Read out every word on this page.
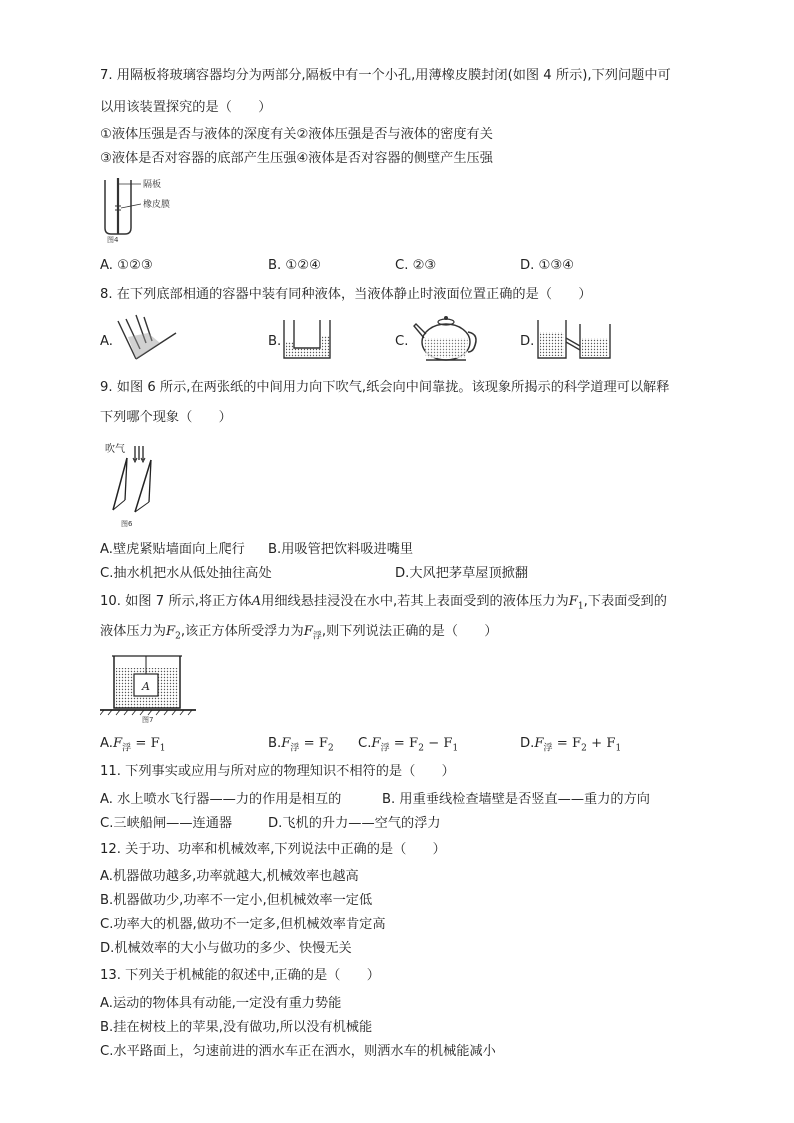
7. 用隔板将玻璃容器均分为两部分,隔板中有一个小孔,用薄橡皮膜封闭(如图 4 所示),下列问题中可
以用该装置探究的是（　　）
①液体压强是否与液体的深度有关②液体压强是否与液体的密度有关
③液体是否对容器的底部产生压强④液体是否对容器的侧壁产生压强
隔板
橡皮膜
图4
A. ①②③	B. ①②④	C. ②③	D. ①③④
8. 在下列底部相通的容器中装有同种液体，当液体静止时液面位置正确的是（　　）
A.	B.	C.	D.
9. 如图 6 所示,在两张纸的中间用力向下吹气,纸会向中间靠拢。该现象所揭示的科学道理可以解释
下列哪个现象（　　）
吹气
图6
A.壁虎紧贴墙面向上爬行 B.用吸管把饮料吸进嘴里
C.抽水机把水从低处抽往高处	D.大风把茅草屋顶掀翻
10. 如图 7 所示,将正方体A用细线悬挂浸没在水中,若其上表面受到的液体压力为$F_1$,下表面受到的
液体压力为$F_2$,该正方体所受浮力为$F_浮$,则下列说法正确的是（　　）
A
图7
$A.F_浮 = F_1$	$B.F_浮 = F_2$ $C.F_浮 = F_2 - F_1$	$D.F_浮 = F_2 + F_1$
11. 下列事实或应用与所对应的物理知识不相符的是（　　）
A. 水上喷水飞行器——力的作用是相互的	B. 用重垂线检查墙壁是否竖直——重力的方向
C.三峡船闸——连通器	D.飞机的升力——空气的浮力
12. 关于功、功率和机械效率,下列说法中正确的是（　　）
A.机器做功越多,功率就越大,机械效率也越高
B.机器做功少,功率不一定小,但机械效率一定低
C.功率大的机器,做功不一定多,但机械效率肯定高
D.机械效率的大小与做功的多少、快慢无关
13. 下列关于机械能的叙述中,正确的是（　　）
A.运动的物体具有动能,一定没有重力势能
B.挂在树枝上的苹果,没有做功,所以没有机械能
C.水平路面上，匀速前进的洒水车正在洒水，则洒水车的机械能减小
